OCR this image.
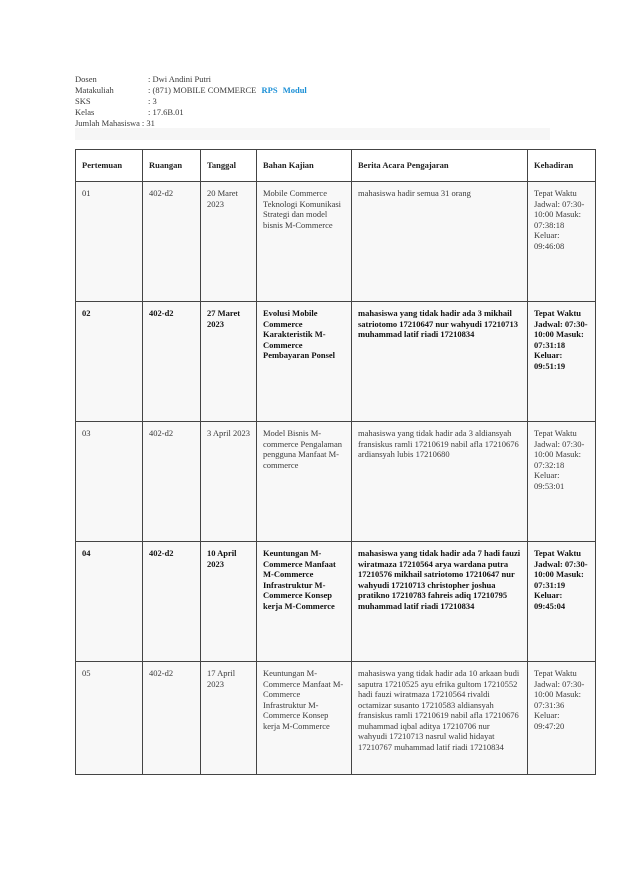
Dosen	: Dwi Andini Putri
Matakuliah	: (871) MOBILE COMMERCE RPS Modul
SKS	: 3
Kelas	: 17.6B.01
Jumlah Mahasiswa : 31
Pertemuan	Ruangan	Tanggal	Bahan Kajian	Berita Acara Pengajaran	Kehadiran

01	402-d2	20 Maret 2023	Mobile Commerce Teknologi Komunikasi Strategi dan model bisnis M-Commerce	mahasiswa hadir semua 31 orang	Tepat Waktu Jadwal: 07:30-10:00 Masuk: 07:38:18 Keluar: 09:46:08

02	402-d2	27 Maret 2023	Evolusi Mobile Commerce Karakteristik M-Commerce Pembayaran Ponsel	mahasiswa yang tidak hadir ada 3 mikhail satriotomo 17210647 nur wahyudi 17210713 muhammad latif riadi 17210834	Tepat Waktu Jadwal: 07:30-10:00 Masuk: 07:31:18 Keluar: 09:51:19

03	402-d2	3 April 2023	Model Bisnis M-commerce Pengalaman pengguna Manfaat M-commerce	mahasiswa yang tidak hadir ada 3 aldiansyah fransiskus ramli 17210619 nabil afla 17210676 ardiansyah lubis 17210680	Tepat Waktu Jadwal: 07:30-10:00 Masuk: 07:32:18 Keluar: 09:53:01

04	402-d2	10 April 2023	Keuntungan M-Commerce Manfaat M-Commerce Infrastruktur M-Commerce Konsep kerja M-Commerce	mahasiswa yang tidak hadir ada 7 hadi fauzi wiratmaza 17210564 arya wardana putra 17210576 mikhail satriotomo 17210647 nur wahyudi 17210713 christopher joshua pratikno 17210783 fahreis adiq 17210795 muhammad latif riadi 17210834	Tepat Waktu Jadwal: 07:30-10:00 Masuk: 07:31:19 Keluar: 09:45:04

05	402-d2	17 April 2023	Keuntungan M-Commerce Manfaat M-Commerce Infrastruktur M-Commerce Konsep kerja M-Commerce	mahasiswa yang tidak hadir ada 10 arkaan budi saputra 17210525 ayu efrika gultom 17210552 hadi fauzi wiratmaza 17210564 rivaldi octamizar susanto 17210583 aldiansyah fransiskus ramli 17210619 nabil afla 17210676 muhammad iqbal aditya 17210706 nur wahyudi 17210713 nasrul walid hidayat 17210767 muhammad latif riadi 17210834	Tepat Waktu Jadwal: 07:30-10:00 Masuk: 07:31:36 Keluar: 09:47:20
